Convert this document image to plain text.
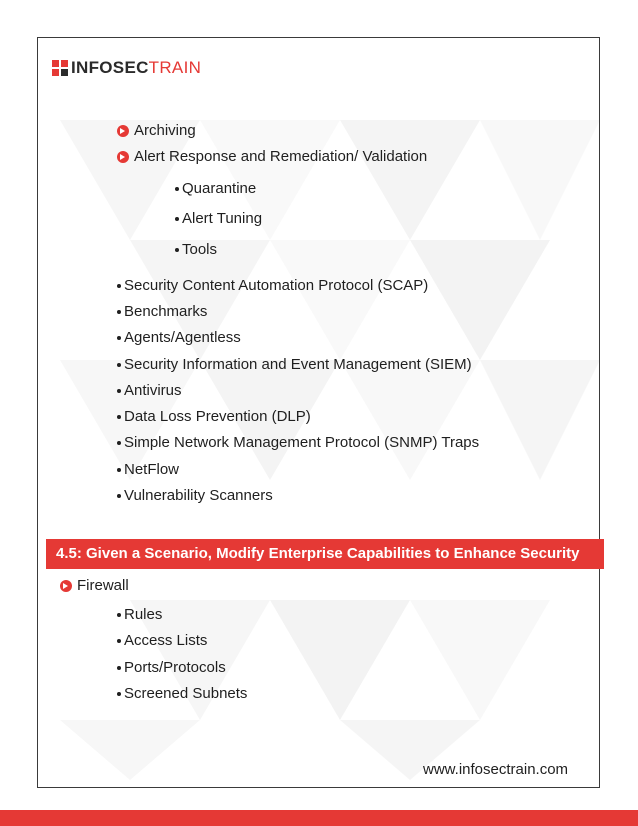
INFOSECTRAIN
Archiving
Alert Response and Remediation/ Validation
Quarantine
Alert Tuning
Tools
Security Content Automation Protocol (SCAP)
Benchmarks
Agents/Agentless
Security Information and Event Management (SIEM)
Antivirus
Data Loss Prevention (DLP)
Simple Network Management Protocol (SNMP) Traps
NetFlow
Vulnerability Scanners
4.5: Given a Scenario, Modify Enterprise Capabilities to Enhance Security
Firewall
Rules
Access Lists
Ports/Protocols
Screened Subnets
www.infosectrain.com
